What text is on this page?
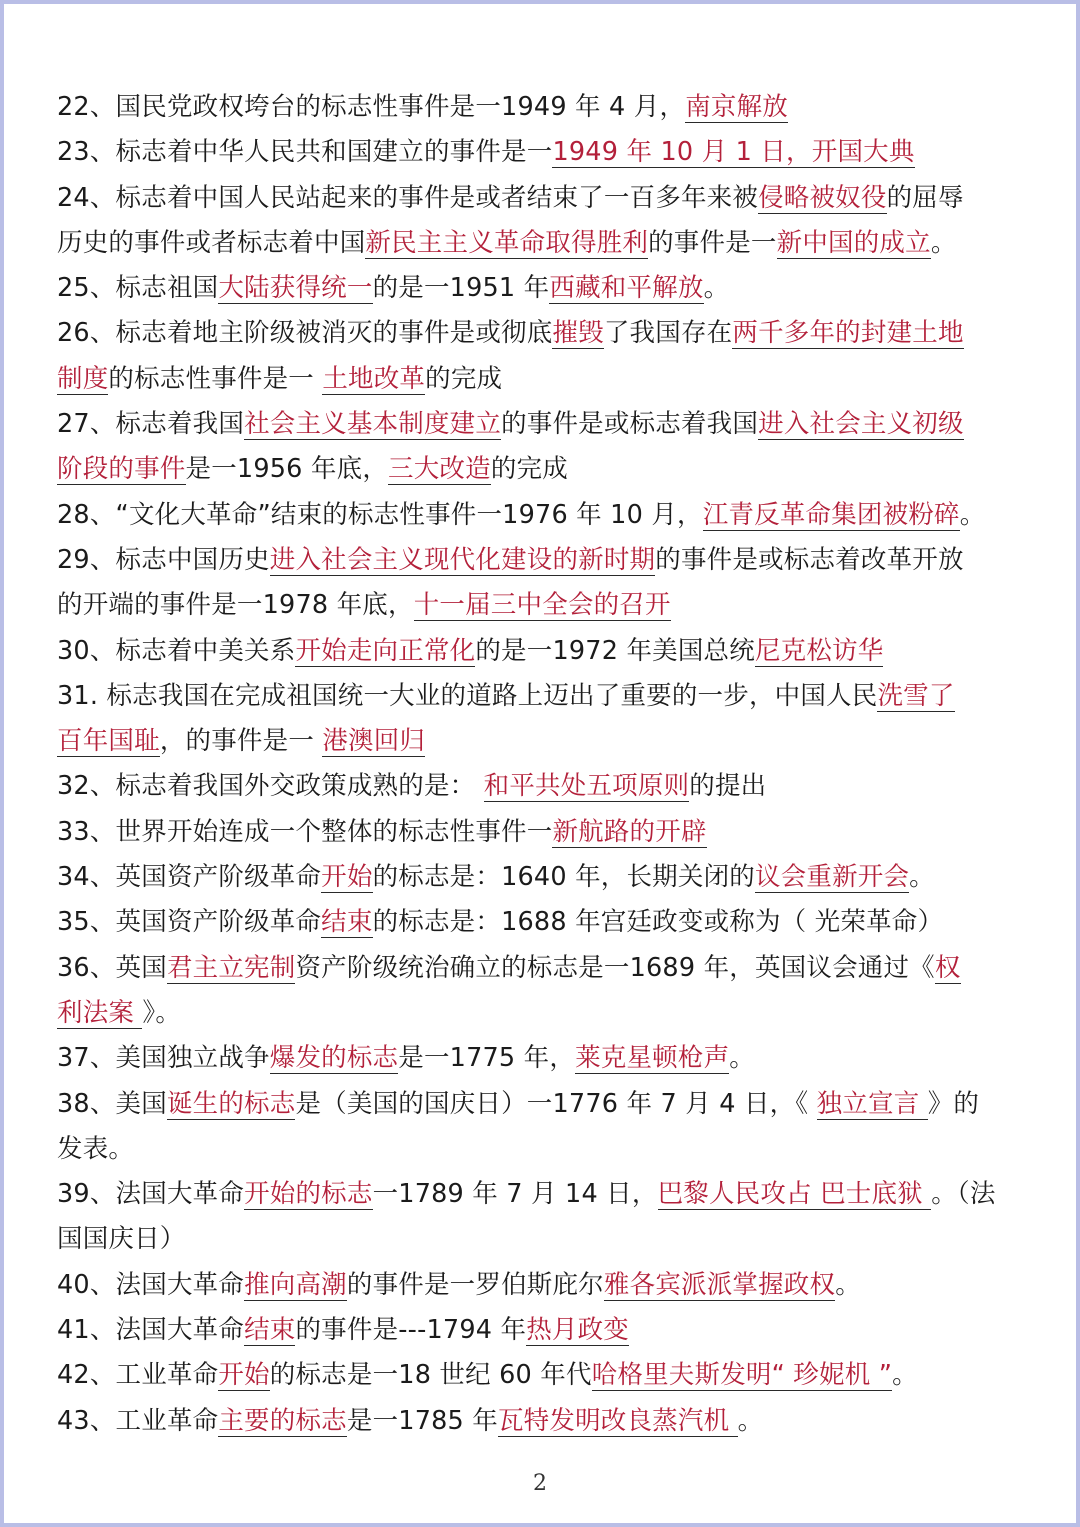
22、国民党政权垮台的标志性事件是一1949 年 4 月，南京解放
23、标志着中华人民共和国建立的事件是一1949 年 10 月 1 日，开国大典
24、标志着中国人民站起来的事件是或者结束了一百多年来被侵略被奴役的屈辱
历史的事件或者标志着中国新民主主义革命取得胜利的事件是一新中国的成立。
25、标志祖国大陆获得统一的是一1951 年西藏和平解放。
26、标志着地主阶级被消灭的事件是或彻底摧毁了我国存在两千多年的封建土地
制度的标志性事件是一 土地改革的完成
27、标志着我国社会主义基本制度建立的事件是或标志着我国进入社会主义初级
阶段的事件是一1956 年底，三大改造的完成
28、“文化大革命”结束的标志性事件一1976 年 10 月，江青反革命集团被粉碎。
29、标志中国历史进入社会主义现代化建设的新时期的事件是或标志着改革开放
的开端的事件是一1978 年底，十一届三中全会的召开
30、标志着中美关系开始走向正常化的是一1972 年美国总统尼克松访华
31. 标志我国在完成祖国统一大业的道路上迈出了重要的一步，中国人民洗雪了
百年国耻，的事件是一 港澳回归
32、标志着我国外交政策成熟的是： 和平共处五项原则的提出
33、世界开始连成一个整体的标志性事件一新航路的开辟
34、英国资产阶级革命开始的标志是：1640 年，长期关闭的议会重新开会。
35、英国资产阶级革命结束的标志是：1688 年宫廷政变或称为（ 光荣革命）
36、英国君主立宪制资产阶级统治确立的标志是一1689 年，英国议会通过《权
利法案 》。
37、美国独立战争爆发的标志是一1775 年，莱克星顿枪声。
38、美国诞生的标志是（美国的国庆日）一1776 年 7 月 4 日，《 独立宣言 》的
发表。
39、法国大革命开始的标志一1789 年 7 月 14 日，巴黎人民攻占 巴士底狱 。（法
国国庆日）
40、法国大革命推向高潮的事件是一罗伯斯庇尔雅各宾派派掌握政权。
41、法国大革命结束的事件是---1794 年热月政变
42、工业革命开始的标志是一18 世纪 60 年代哈格里夫斯发明“ 珍妮机 ”。
43、工业革命主要的标志是一1785 年瓦特发明改良蒸汽机 。
2
